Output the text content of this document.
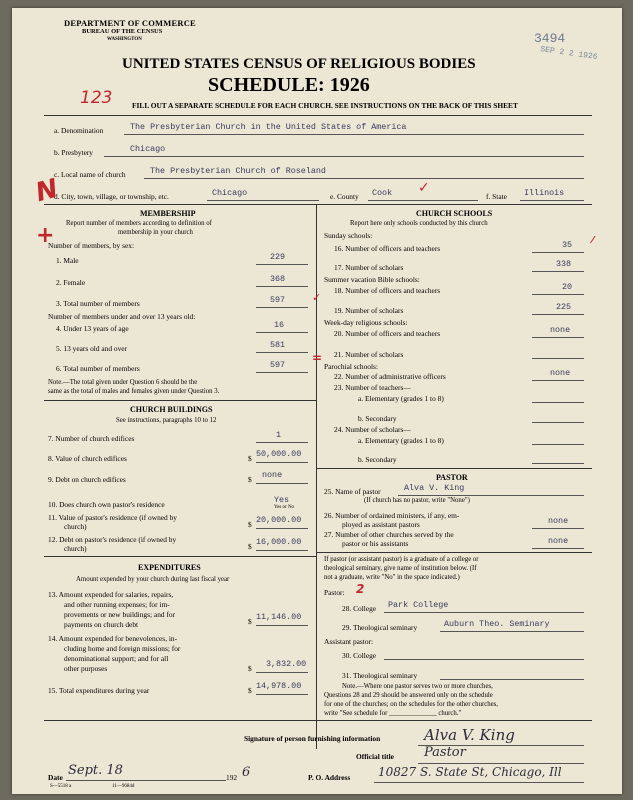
DEPARTMENT OF COMMERCE
BUREAU OF THE CENSUS
WASHINGTON	3494
SEP 2 2 1926
UNITED STATES CENSUS OF RELIGIOUS BODIES
SCHEDULE: 1926
123	FILL OUT A SEPARATE SCHEDULE FOR EACH CHURCH. SEE INSTRUCTIONS ON THE BACK OF THIS SHEET
a. Denomination	The Presbyterian Church in the United States of America
b. Presbytery	Chicago
c. Local name of church	The Presbyterian Church of Roseland
d. City, town, village, or township, etc.	Chicago	e. County Cook ✓
f. State Illinois
N
+
MEMBERSHIP
Report number of members according to definition of
membership in your church
Number of members, by sex:
1. Male	229
2. Female	368
3. Total number of members	597 ✓
Number of members under and over 13 years old:
4. Under 13 years of age	16
5. 13 years old and over	581
6. Total number of members	597 =
Note.—The total given under Question 6 should be the
same as the total of males and females given under Question 3.
CHURCH BUILDINGS
See instructions, paragraphs 10 to 12
7. Number of church edifices	1
8. Value of church edifices	$ 50,000.00
9. Debt on church edifices	$ none
10. Does church own pastor's residence	Yes
Yes or No
11. Value of pastor's residence (if owned by
church)	$ 20,000.00
12. Debt on pastor's residence (if owned by
church)	$ 16,000.00
EXPENDITURES
Amount expended by your church during last fiscal year
13. Amount expended for salaries, repairs,
and other running expenses; for im-
provements or new buildings; and for
payments on church debt	$ 11,146.00
14. Amount expended for benevolences, in-
cluding home and foreign missions; for
denominational support; and for all
other purposes	$ 3,832.00
15. Total expenditures during year	$ 14,978.00
CHURCH SCHOOLS
Report here only schools conducted by this church
Sunday schools:
16. Number of officers and teachers	35 ⁄
17. Number of scholars	338
Summer vacation Bible schools:
18. Number of officers and teachers	20
19. Number of scholars	225
Week-day religious schools:
20. Number of officers and teachers	none
21. Number of scholars
Parochial schools:
22. Number of administrative officers	none
23. Number of teachers—
a. Elementary (grades 1 to 8)
b. Secondary
24. Number of scholars—
a. Elementary (grades 1 to 8)
b. Secondary
PASTOR
25. Name of pastor	Alva V. King
(If church has no pastor, write "None")
26. Number of ordained ministers, if any, em-
ployed as assistant pastors	none
27. Number of other churches served by the
pastor or his assistants	none
If pastor (or assistant pastor) is a graduate of a college or
theological seminary, give name of institution below. (If
not a graduate, write "No" in the space indicated.)
Pastor: 2
28. College Park College
29. Theological seminary	Auburn Theo. Seminary
Assistant pastor:
30. College
31. Theological seminary
Note.—Where one pastor serves two or more churches,
Questions 28 and 29 should be answered only on the schedule
for one of the churches; on the schedules for the other churches,
write "See schedule for ______________ church."
Signature of person furnishing information	Alva V. King
Official title Pastor
Date Sept. 18	192 6	P. O. Address 10827 S. State St, Chicago, Ill
S—5518 a	11—9684d
